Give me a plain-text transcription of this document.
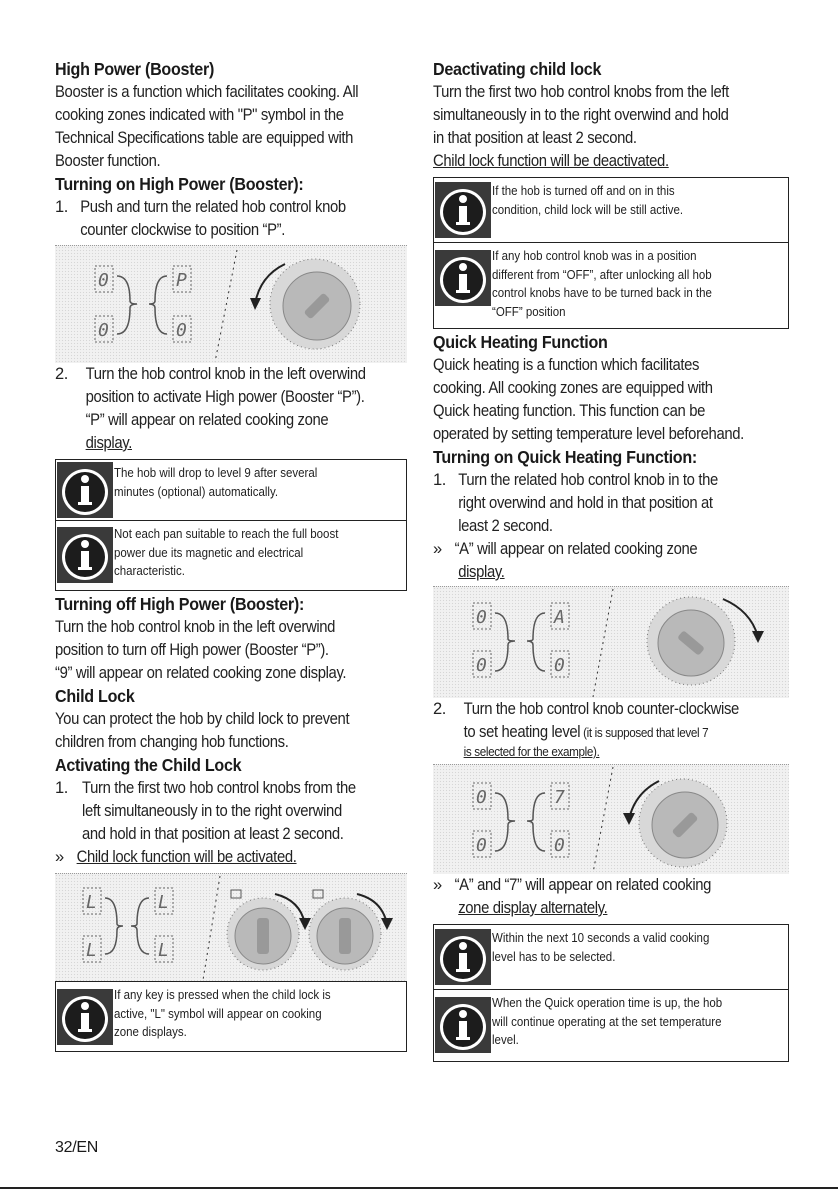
High Power (Booster)
Booster is a function which facilitates cooking. All
cooking zones indicated with "P" symbol in the
Technical Specifications table are equipped with
Booster function.
Turning on High Power (Booster):
1. Push and turn the related hob control knob
counter clockwise to position “P”.
0	P
0	0
2.	Turn the hob control knob in the left overwind
position to activate High power (Booster “P”).
“P” will appear on related cooking zone
display.
The hob will drop to level 9 after several
minutes (optional) automatically.
Not each pan suitable to reach the full boost
power due its magnetic and electrical
characteristic.
Turning off High Power (Booster):
Turn the hob control knob in the left overwind
position to turn off High power (Booster “P”).
“9” will appear on related cooking zone display.
Child Lock
You can protect the hob by child lock to prevent
children from changing hob functions.
Activating the Child Lock
1. Turn the first two hob control knobs from the
left simultaneously in to the right overwind
and hold in that position at least 2 second.
» Child lock function will be activated.
L	L
L	L
If any key is pressed when the child lock is
active, "L" symbol will appear on cooking
zone displays.
Deactivating child lock
Turn the first two hob control knobs from the left
simultaneously in to the right overwind and hold
in that position at least 2 second.
Child lock function will be deactivated.
If the hob is turned off and on in this
condition, child lock will be still active.
If any hob control knob was in a position
different from “OFF”, after unlocking all hob
control knobs have to be turned back in the
“OFF” position
Quick Heating Function
Quick heating is a function which facilitates
cooking. All cooking zones are equipped with
Quick heating function. This function can be
operated by setting temperature level beforehand.
Turning on Quick Heating Function:
1. Turn the related hob control knob in to the
right overwind and hold in that position at
least 2 second.
» “A” will appear on related cooking zone
display.
0	A
0	0
2.	Turn the hob control knob counter-clockwise
to set heating level (it is supposed that level 7
is selected for the example).
0	7
0	0
» “A” and “7” will appear on related cooking
zone display alternately.
Within the next 10 seconds a valid cooking
level has to be selected.
When the Quick operation time is up, the hob
will continue operating at the set temperature
level.
32/EN
